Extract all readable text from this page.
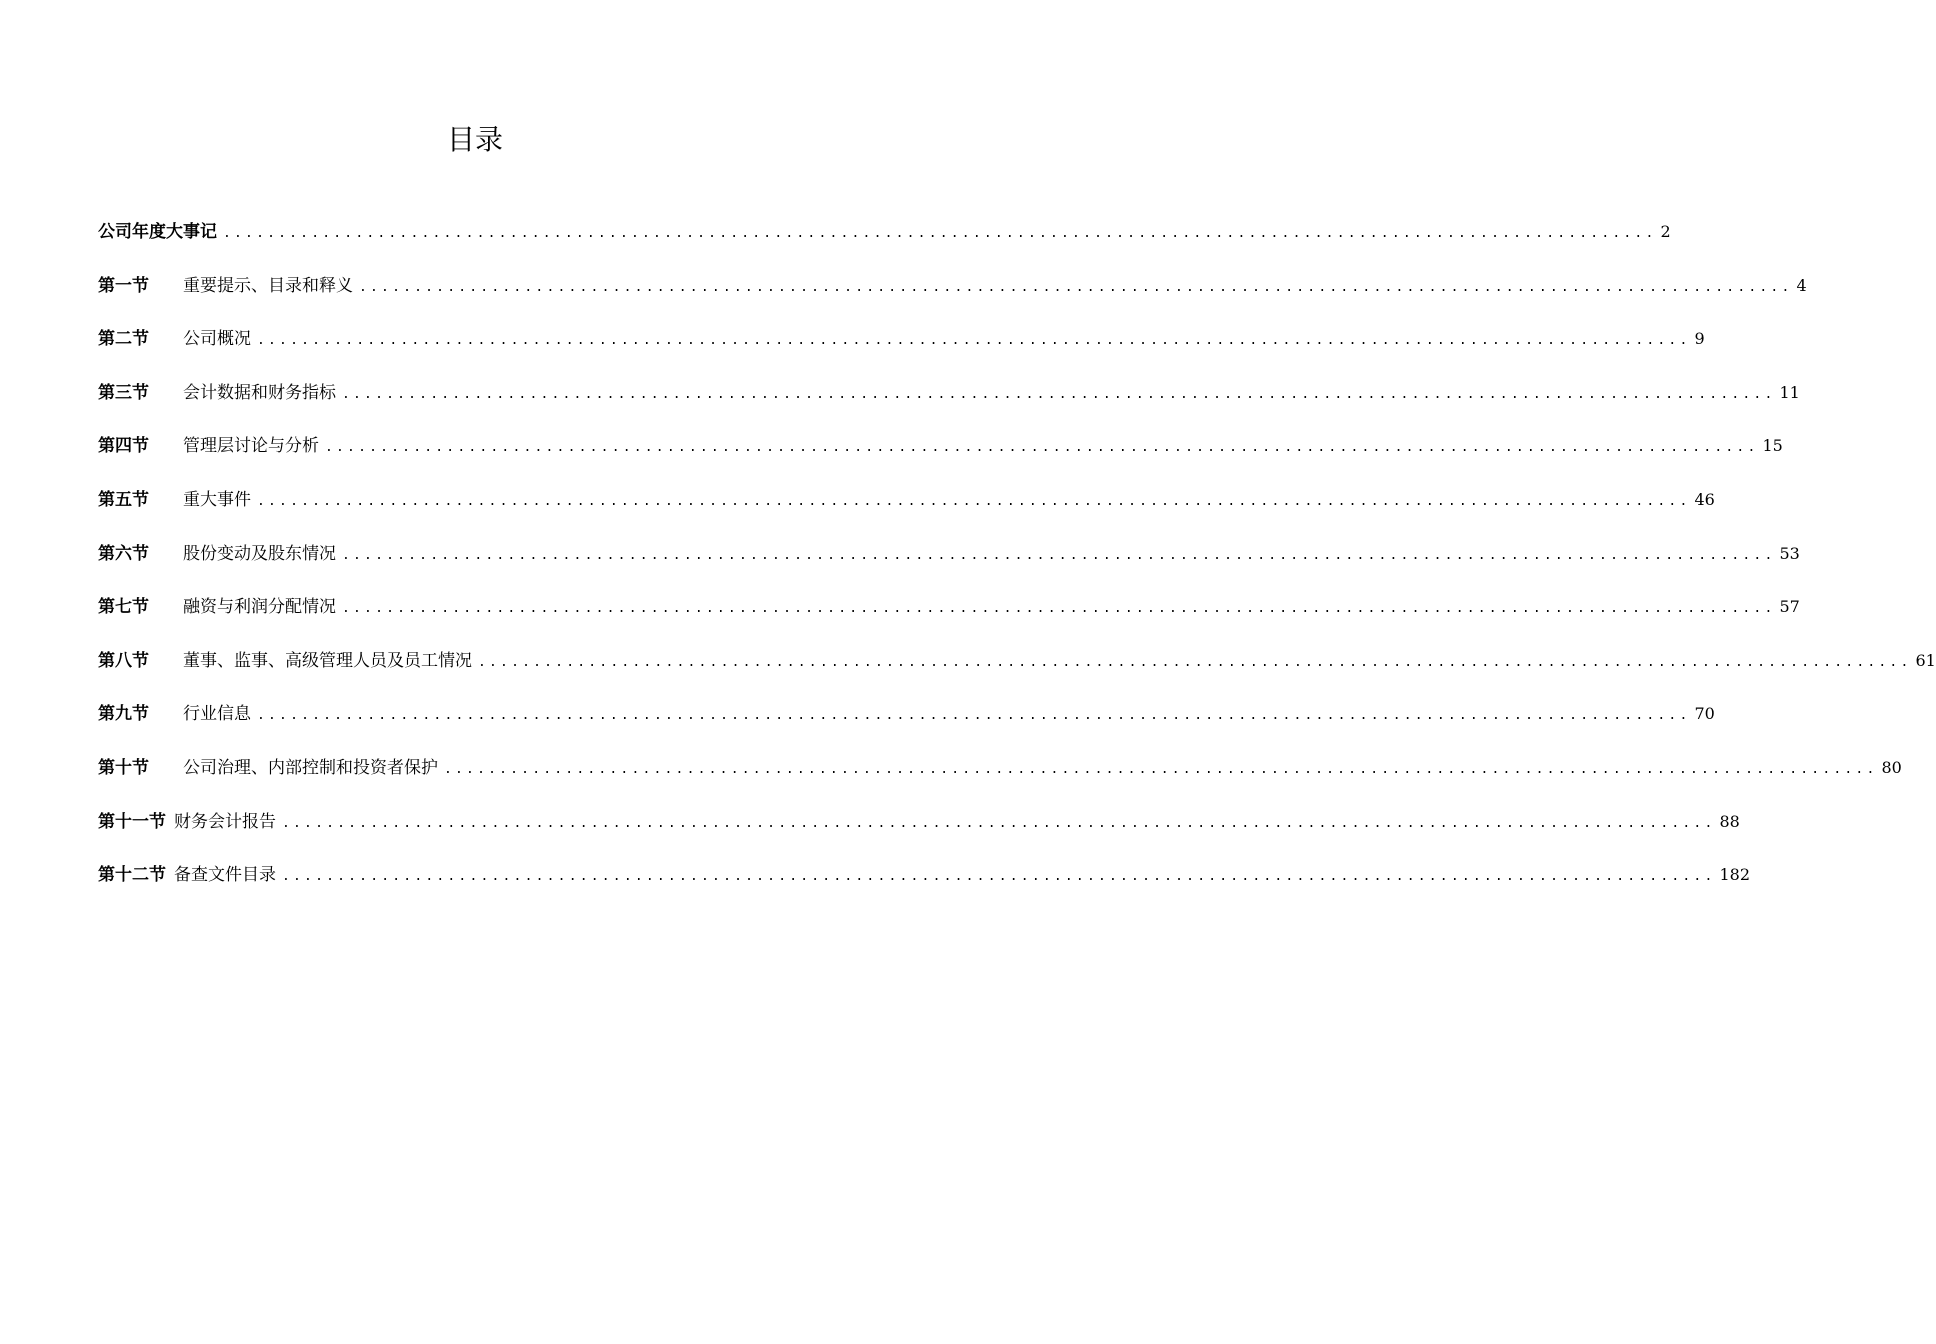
目录
公司年度大事记 .................................................................................................................................. 2
第一节	重要提示、目录和释义 .................................................................................................................................. 4
第二节	公司概况 .................................................................................................................................. 9
第三节	会计数据和财务指标 .................................................................................................................................. 11
第四节	管理层讨论与分析 .................................................................................................................................. 15
第五节	重大事件 .................................................................................................................................. 46
第六节	股份变动及股东情况 .................................................................................................................................. 53
第七节	融资与利润分配情况 .................................................................................................................................. 57
第八节	董事、监事、高级管理人员及员工情况 .................................................................................................................................. 61
第九节	行业信息 .................................................................................................................................. 70
第十节	公司治理、内部控制和投资者保护 .................................................................................................................................. 80
第十一节 财务会计报告 .................................................................................................................................. 88
第十二节 备查文件目录 .................................................................................................................................. 182
